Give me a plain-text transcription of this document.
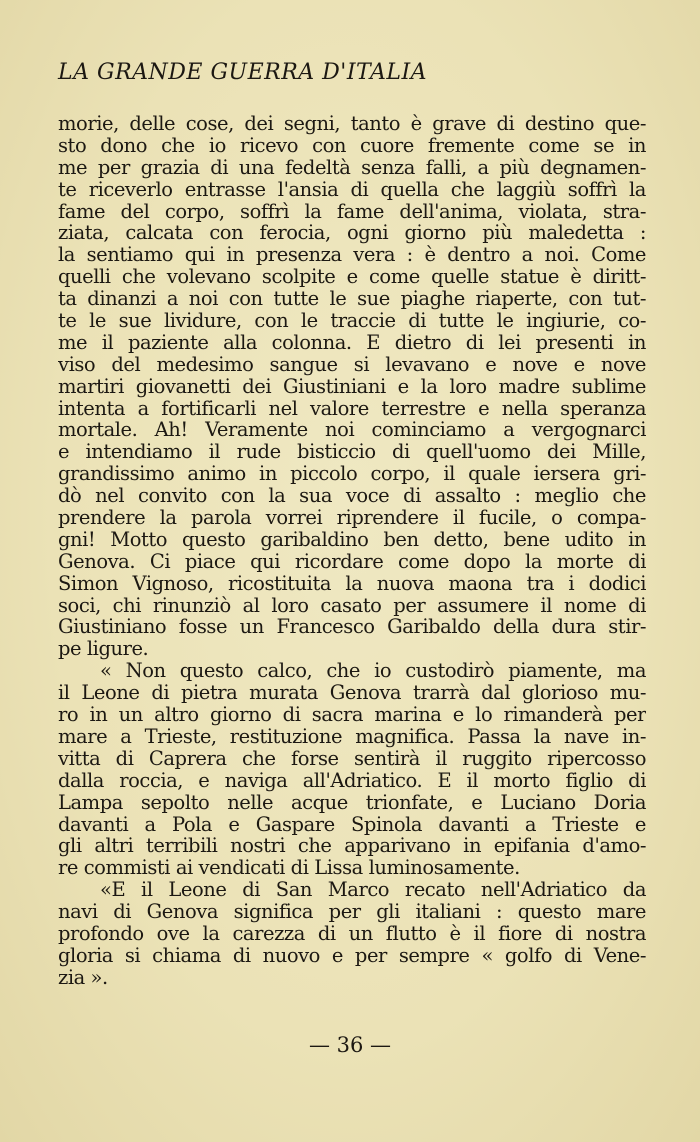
LA GRANDE GUERRA D'ITALIA
morie, delle cose, dei segni, tanto è grave di destino que-
sto dono che io ricevo con cuore fremente come se in
me per grazia di una fedeltà senza falli, a più degnamen-
te riceverlo entrasse l'ansia di quella che laggiù soffrì la
fame del corpo, soffrì la fame dell'anima, violata, stra-
ziata, calcata con ferocia, ogni giorno più maledetta :
la sentiamo qui in presenza vera : è dentro a noi. Come
quelli che volevano scolpite e come quelle statue è diritt-
ta dinanzi a noi con tutte le sue piaghe riaperte, con tut-
te le sue lividure, con le traccie di tutte le ingiurie, co-
me il paziente alla colonna. E dietro di lei presenti in
viso del medesimo sangue si levavano e nove e nove
martiri giovanetti dei Giustiniani e la loro madre sublime
intenta a fortificarli nel valore terrestre e nella speranza
mortale. Ah! Veramente noi cominciamo a vergognarci
e intendiamo il rude bisticcio di quell'uomo dei Mille,
grandissimo animo in piccolo corpo, il quale iersera gri-
dò nel convito con la sua voce di assalto : meglio che
prendere la parola vorrei riprendere il fucile, o compa-
gni! Motto questo garibaldino ben detto, bene udito in
Genova. Ci piace qui ricordare come dopo la morte di
Simon Vignoso, ricostituita la nuova maona tra i dodici
soci, chi rinunziò al loro casato per assumere il nome di
Giustiniano fosse un Francesco Garibaldo della dura stir-
pe ligure.
« Non questo calco, che io custodirò piamente, ma
il Leone di pietra murata Genova trarrà dal glorioso mu-
ro in un altro giorno di sacra marina e lo rimanderà per
mare a Trieste, restituzione magnifica. Passa la nave in-
vitta di Caprera che forse sentirà il ruggito ripercosso
dalla roccia, e naviga all'Adriatico. E il morto figlio di
Lampa sepolto nelle acque trionfate, e Luciano Doria
davanti a Pola e Gaspare Spinola davanti a Trieste e
gli altri terribili nostri che apparivano in epifania d'amo-
re commisti ai vendicati di Lissa luminosamente.
«E il Leone di San Marco recato nell'Adriatico da
navi di Genova significa per gli italiani : questo mare
profondo ove la carezza di un flutto è il fiore di nostra
gloria si chiama di nuovo e per sempre « golfo di Vene-
zia ».
— 36 —
